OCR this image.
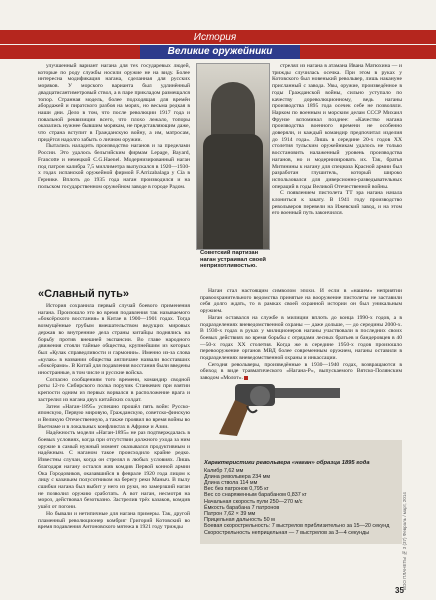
История
Великие оружейники

улучшенный вариант нагана для тех государевых людей, которые по роду службы носили оружие не на виду. Более интересна модификация нагана, сделанная для русских моряков. У морского варианта был удлинённый двадцатисантиметровый ствол, а в паре прикладом размещался топор. Странная модель, более подходящая для времён абордажей и пиратского разбоя на морях, но весьма редкая в наши дни. Дело в том, что после революции 1917 года и повальной реквизиции всего, что плохо лежало, топоры оказались нужнее бывшим морякам, не представляющим даже, что страна вступит в Гражданскую войну, а им, матросам, придётся надолго забыть о личном оружии.

Пытались наладить производство наганов и за пределами России. Это удалось бельгийским фирмам Lepage, Bayard, Francotte и немецкой C.G.Haenel. Модернизированный наган под патрон калибра 7,5 миллиметра выпускался в 1920—1930-х годах испанской оружейной фирмой F.Arrizabalaga y Cía в Гернике. Вплоть до 1935 года наган производился и на польском государственном оружейном заводе в городе Радом.

Советский партизан наган устраивал своей неприхотливостью.

стрелял из нагана в атамана Ивана Матюхина — и трижды случилась осечка. При этом в руках у Котовского был новенький револьвер, лишь накануне присланный с завода. Увы, оружие, произведённое в годы Гражданской войны, сильно уступало по качеству дореволюционному, ведь наганы производства 1895 года осечек себе не позволяли. Нарком по военным и морским делам СССР Михаил Фрунзе вспоминал позднее: «Качество нагана производства военного времени не особенно доверяли, и каждый командир предпочитал изделия до 1914 года». Лишь в середине 20-х годов ХХ столетия тульским оружейникам удалось не только восстановить налаженный уровень производства наганов, но и модернизировать их. Так, братья Митинины к нагану для спецназа Красной армии был разработан глушитель, который широко использовался для диверсионно-разведывательных операций в годы Великой Отечественной войны.

С появлением пистолета ТТ эра нагана начала клониться к закату. В 1941 году производство револьверов перевели на Ижевский завод, и на этом его военный путь закончился.

«Славный путь»

История сохранила первый случай боевого применения нагана. Произошло это во время подавления так называемого «боксёрского восстания» в Китае в 1900—1901 годах. Тогда возмущённые грубым вмешательством ведущих мировых держав во внутренние дела страны китайцы поднялись на борьбу против внешней экспансии. Во главе народного движения стояли тайные общества, крупнейшим из которых был «Кулак справедливости и гармонии». Именно из-за слова «кулак» в названии общества англичане назвали восставших «боксёрами». В Китай для подавления восстания были введены иностранные, в том числе и русские войска.

Согласно сообщениям того времени, командир сводной роты 12-го Сибирского полка поручик Станкевич при взятии крепости одним из первых ворвался в расположение врага и застрелил из нагана двух китайских солдат.

Затем «Наган-1895» успешно прошёл пять войн: Русско-японскую, Первую мировую, Гражданскую, советско-финскую и Великую Отечественную, а также проявил во время войны во Вьетнаме и в локальных конфликтах в Африке и Азии.

Надёжность модели «Наган-1895» не раз подтверждалась в боевых условиях, когда при отсутствии должного ухода за ним оружие в самый нужный момент оказывался продуктивным и надёжным. С наганом такое происходило крайне редко. Известны случаи, когда он стрелял в любых условиях. Лишь благодаря нагану остался жив комдив Первой конной армии Ока Городовиков, оказавшийся в феврале 1920 года лицом к лицу с казачьим полусотником на берегу реки Маныч. В пылу сшибки нагана был выбит у него из руки, но замерзший наган не позволил оружию сработать. А вот наган, несмотря на мороз, действовал безотказно. Застрелив трёх казаков, комдив ушёл от погони.

Но бывали и нетипичные для нагана примеры. Так, другой пламенный революционер комбриг Григорий Котовский во время подавления Антоновского мятежа в 1921 году трижды

Наган стал настоящим символом эпохи. И если в «нашем» неприятии правоохранительного ведомства принятые на вооружение пистолеты не заставили себя долго ждать, то в рамках своей охранной истории он был уникальным оружием.

Наган оставался на службе в милиции вплоть до конца 1990-х годов, а в подразделениях вневедомственной охраны — даже дольше, — до середины 2000-х. В 1930-х годах в руках у милиционеров наганы участвовали в последних своих боевых действиях во время борьбы с отрядами лесных братьев и бандеровцев в 40—50-х годах ХХ столетия. Когда же в середине 1950-х годов произошло перевооружение органов МВД более современным оружием, наганы оставили в подразделениях вневедомственной охраны и инкассации.

Сегодня револьверы, произведённые в 1930—1940 годах, возвращаются в обиход в виде травматического «Нагана-Р», выпускаемого Вятско-Полянским заводом «Молот».

Характеристики револьвера «наган» образца 1895 года
Калибр 7,62 мм
Длина револьвера 234 мм
Длина ствола 114 мм
Вес без патронов 0,795 кг
Вес со снаряженным барабаном 0,837 кг
Начальная скорость пули 250—270 м/с
Ёмкость барабана 7 патронов
Патрон 7,62 × 39 мм
Прицельная дальность 50 м
Боевая скорострельность: 7 выстрелов приблизительно за 15—20 секунд
Скорострельность неприцельная — 7 выстрелов за 3—4 секунды	ВОО ПЛАНЕТЫ № 3 (37) Февраль / март, 2014
35
